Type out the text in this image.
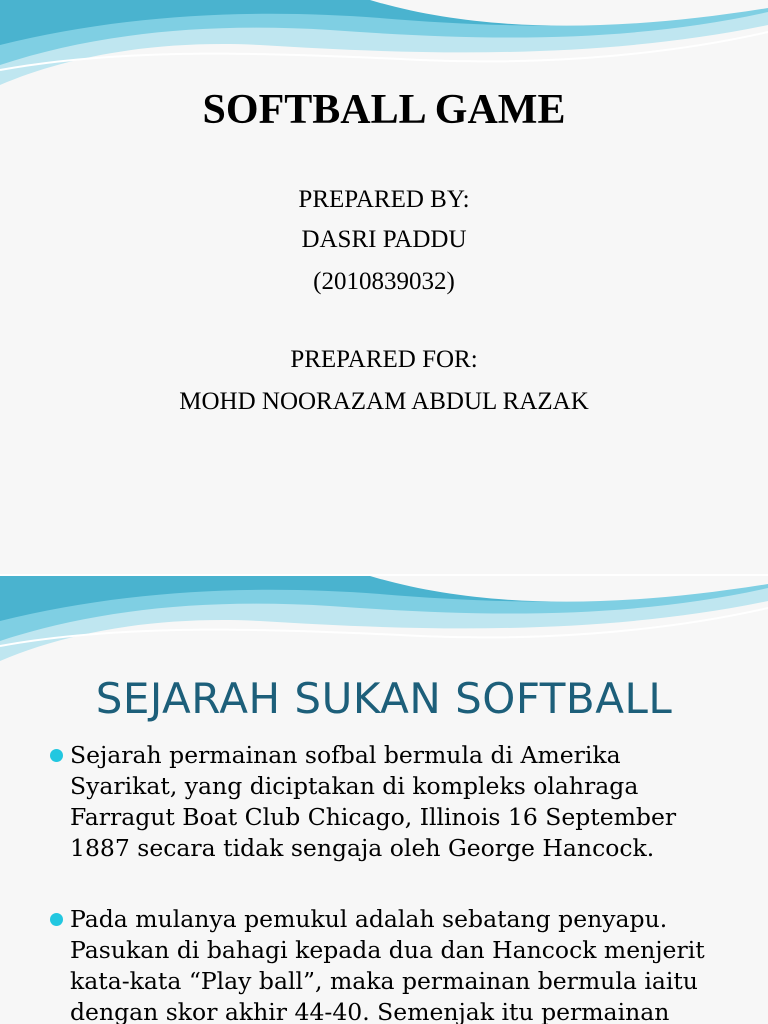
SOFTBALL GAME
PREPARED BY:
DASRI PADDU
(2010839032)
PREPARED FOR:
MOHD NOORAZAM ABDUL RAZAK
SEJARAH SUKAN SOFTBALL
Sejarah permainan sofbal bermula di Amerika
Syarikat, yang diciptakan di kompleks olahraga
Farragut Boat Club Chicago, Illinois 16 September
1887 secara tidak sengaja oleh George Hancock.
Pada mulanya pemukul adalah sebatang penyapu.
Pasukan di bahagi kepada dua dan Hancock menjerit
kata-kata “Play ball”, maka permainan bermula iaitu
dengan skor akhir 44-40. Semenjak itu permainan
